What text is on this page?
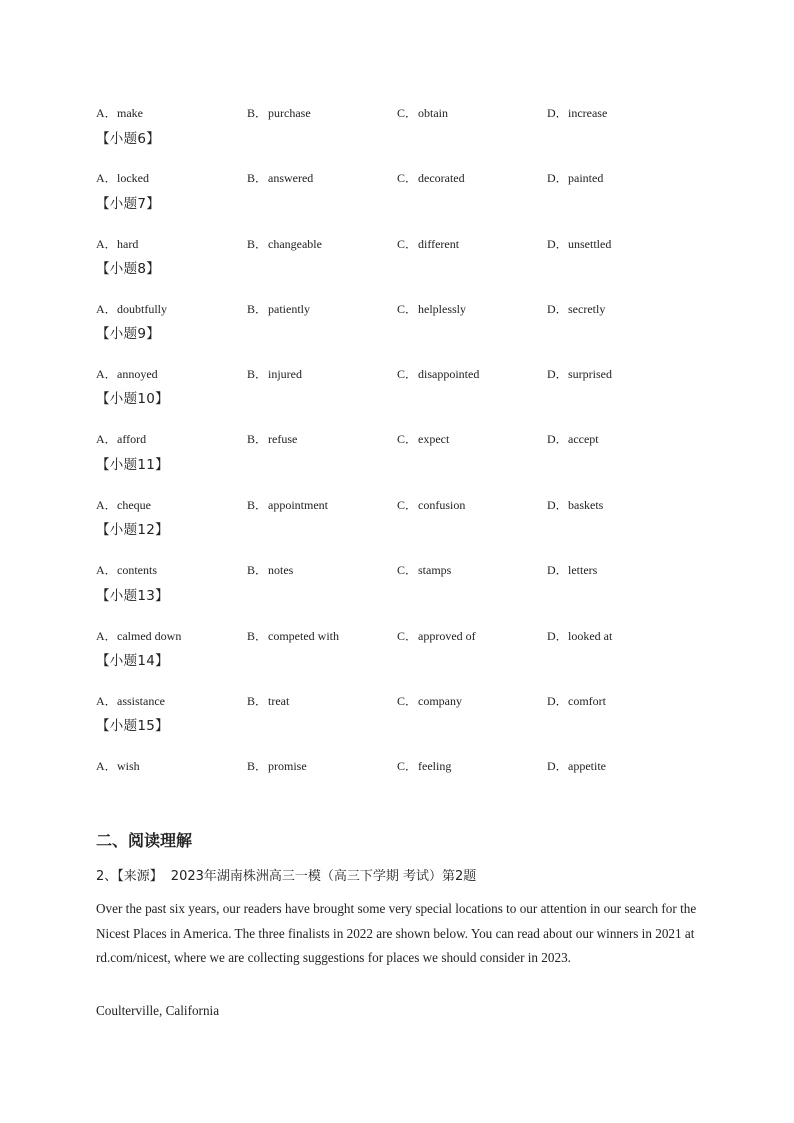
A．make	B．purchase	C．obtain	D．increase
【小题6】
A．locked	B．answered	C．decorated	D．painted
【小题7】
A．hard	B．changeable	C．different	D．unsettled
【小题8】
A．doubtfully	B．patiently	C．helplessly	D．secretly
【小题9】
A．annoyed	B．injured	C．disappointed	D．surprised
【小题10】
A．afford	B．refuse	C．expect	D．accept
【小题11】
A．cheque	B．appointment	C．confusion	D．baskets
【小题12】
A．contents	B．notes	C．stamps	D．letters
【小题13】
A．calmed down	B．competed with	C．approved of	D．looked at
【小题14】
A．assistance	B．treat	C．company	D．comfort
【小题15】
A．wish	B．promise	C．feeling	D．appetite
二、阅读理解
2、【来源】 2023年湖南株洲高三一模（高三下学期 考试）第2题
Over the past six years, our readers have brought some very special locations to our attention in our search for the Nicest Places in America. The three finalists in 2022 are shown below. You can read about our winners in 2021 at rd.com/nicest, where we are collecting suggestions for places we should consider in 2023.
Coulterville, California
